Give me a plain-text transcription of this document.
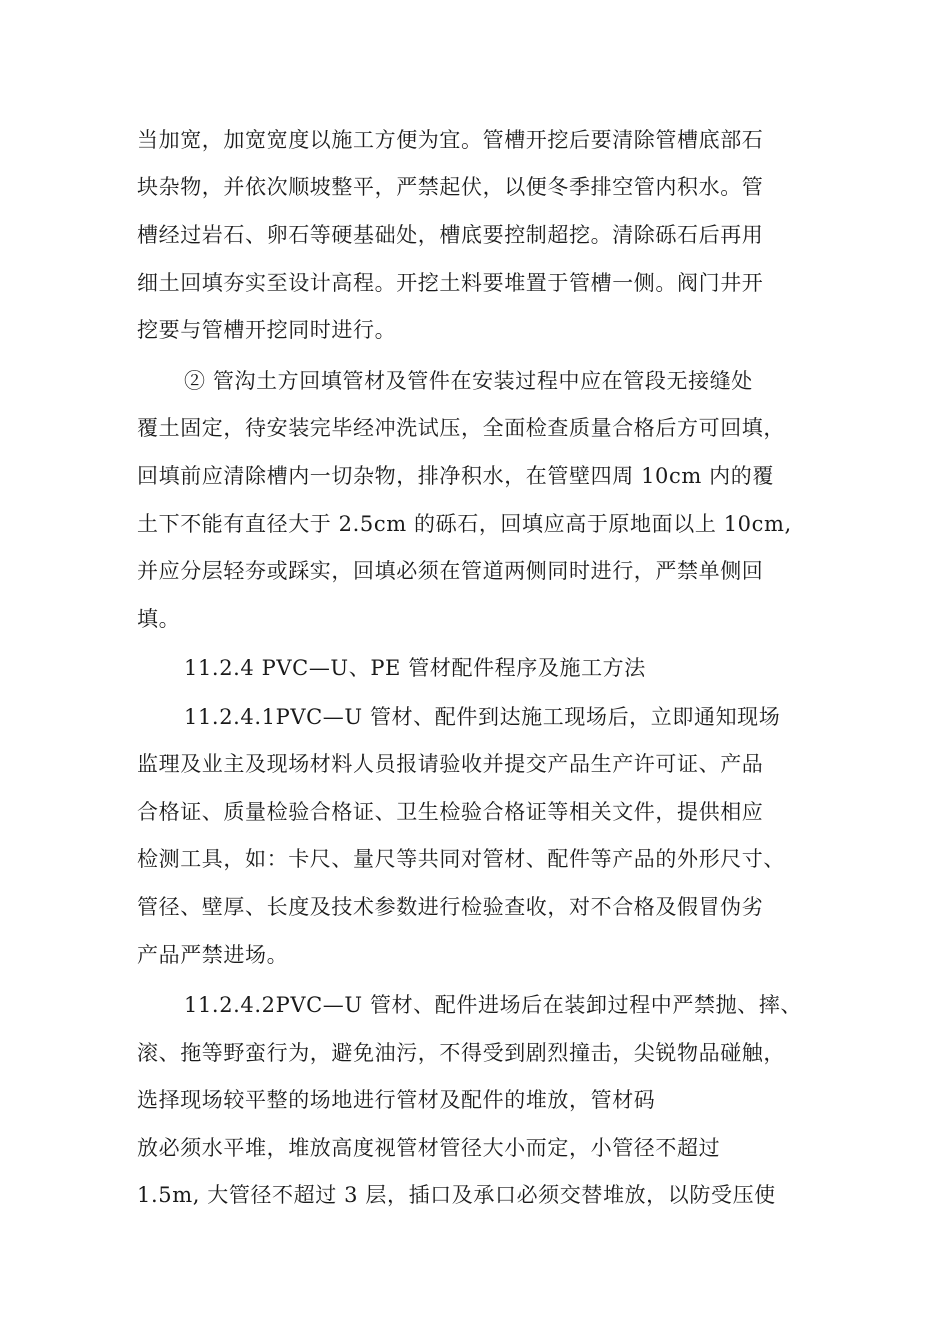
当加宽，加宽宽度以施工方便为宜。管槽开挖后要清除管槽底部石
块杂物，并依次顺坡整平，严禁起伏，以便冬季排空管内积水。管
槽经过岩石、卵石等硬基础处，槽底要控制超挖。清除砾石后再用
细土回填夯实至设计高程。开挖土料要堆置于管槽一侧。阀门井开
挖要与管槽开挖同时进行。
② 管沟土方回填管材及管件在安装过程中应在管段无接缝处
覆土固定，待安装完毕经冲洗试压，全面检查质量合格后方可回填，
回填前应清除槽内一切杂物，排净积水，在管壁四周 10cm 内的覆
土下不能有直径大于 2.5cm 的砾石，回填应高于原地面以上 10cm,
并应分层轻夯或踩实，回填必须在管道两侧同时进行，严禁单侧回
填。
11.2.4 PVC—U、PE 管材配件程序及施工方法
11.2.4.1PVC—U 管材、配件到达施工现场后，立即通知现场
监理及业主及现场材料人员报请验收并提交产品生产许可证、产品
合格证、质量检验合格证、卫生检验合格证等相关文件，提供相应
检测工具，如：卡尺、量尺等共同对管材、配件等产品的外形尺寸、
管径、壁厚、长度及技术参数进行检验查收，对不合格及假冒伪劣
产品严禁进场。
11.2.4.2PVC—U 管材、配件进场后在装卸过程中严禁抛、摔、
滚、拖等野蛮行为，避免油污，不得受到剧烈撞击，尖锐物品碰触，
选择现场较平整的场地进行管材及配件的堆放，管材码
放必须水平堆，堆放高度视管材管径大小而定，小管径不超过
1.5m, 大管径不超过 3 层，插口及承口必须交替堆放，以防受压使
